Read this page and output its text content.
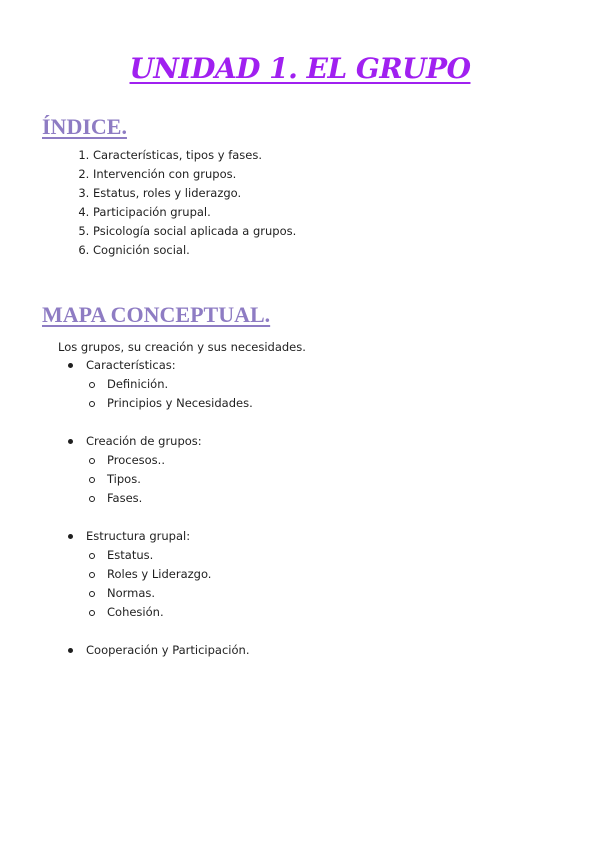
UNIDAD 1. EL GRUPO
ÍNDICE.
1. Características, tipos y fases.
2. Intervención con grupos.
3. Estatus, roles y liderazgo.
4. Participación grupal.
5. Psicología social aplicada a grupos.
6. Cognición social.
MAPA CONCEPTUAL.
Los grupos, su creación y sus necesidades.
Características:
Definición.
Principios y Necesidades.
Creación de grupos:
Procesos..
Tipos.
Fases.
Estructura grupal:
Estatus.
Roles y Liderazgo.
Normas.
Cohesión.
Cooperación y Participación.
